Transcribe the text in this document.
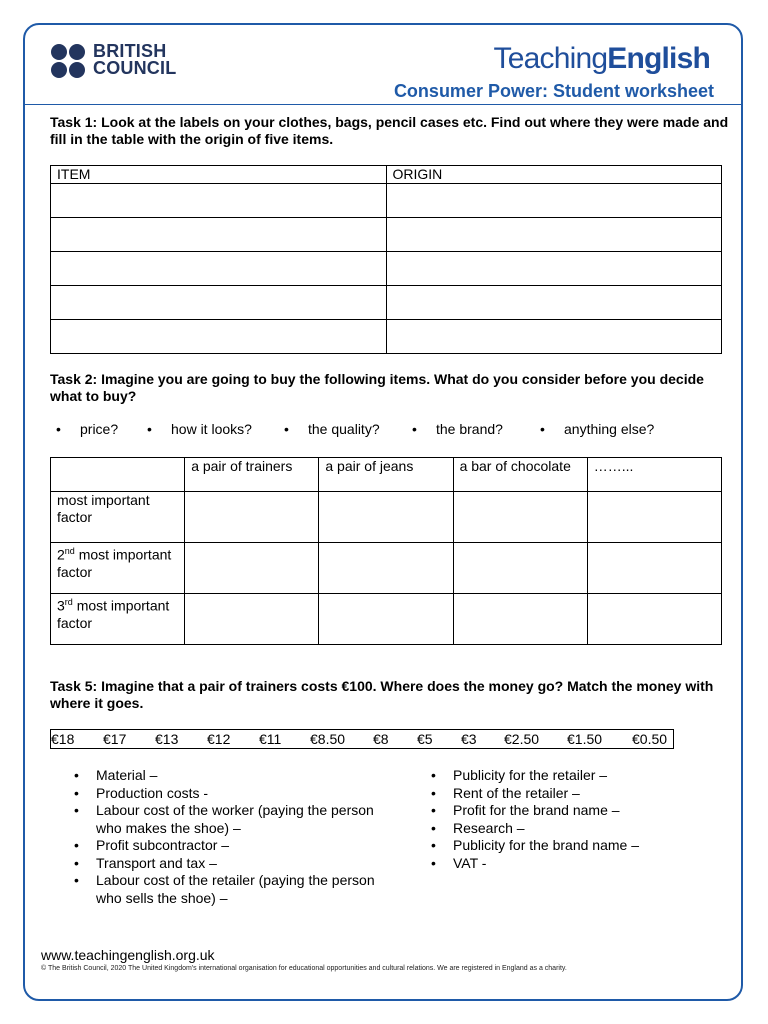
BRITISH
COUNCIL	TeachingEnglish
Consumer Power: Student worksheet
Task 1: Look at the labels on your clothes, bags, pencil cases etc. Find out where they were made and fill in the table with the origin of five items.
ITEM	ORIGIN

Task 2: Imagine you are going to buy the following items. What do you consider before you decide what to buy?
• price? • how it looks? • the quality? • the brand?	• anything else?
	a pair of trainers	a pair of jeans	a bar of chocolate	……...
most important factor				
2nd most important factor				
3rd most important factor				
Task 5: Imagine that a pair of trainers costs €100. Where does the money go? Match the money with where it goes.
€18 €17 €13 €12 €11 €8.50 €8 €5 €3 €2.50 €1.50 €0.50
• Material –
• Production costs -
• Labour cost of the worker (paying the person who makes the shoe) –
• Profit subcontractor –
• Transport and tax –
• Labour cost of the retailer (paying the person who sells the shoe) –
• Publicity for the retailer –
• Rent of the retailer –
• Profit for the brand name –
• Research –
• Publicity for the brand name –
• VAT -
www.teachingenglish.org.uk
© The British Council, 2020 The United Kingdom's international organisation for educational opportunities and cultural relations. We are registered in England as a charity.
